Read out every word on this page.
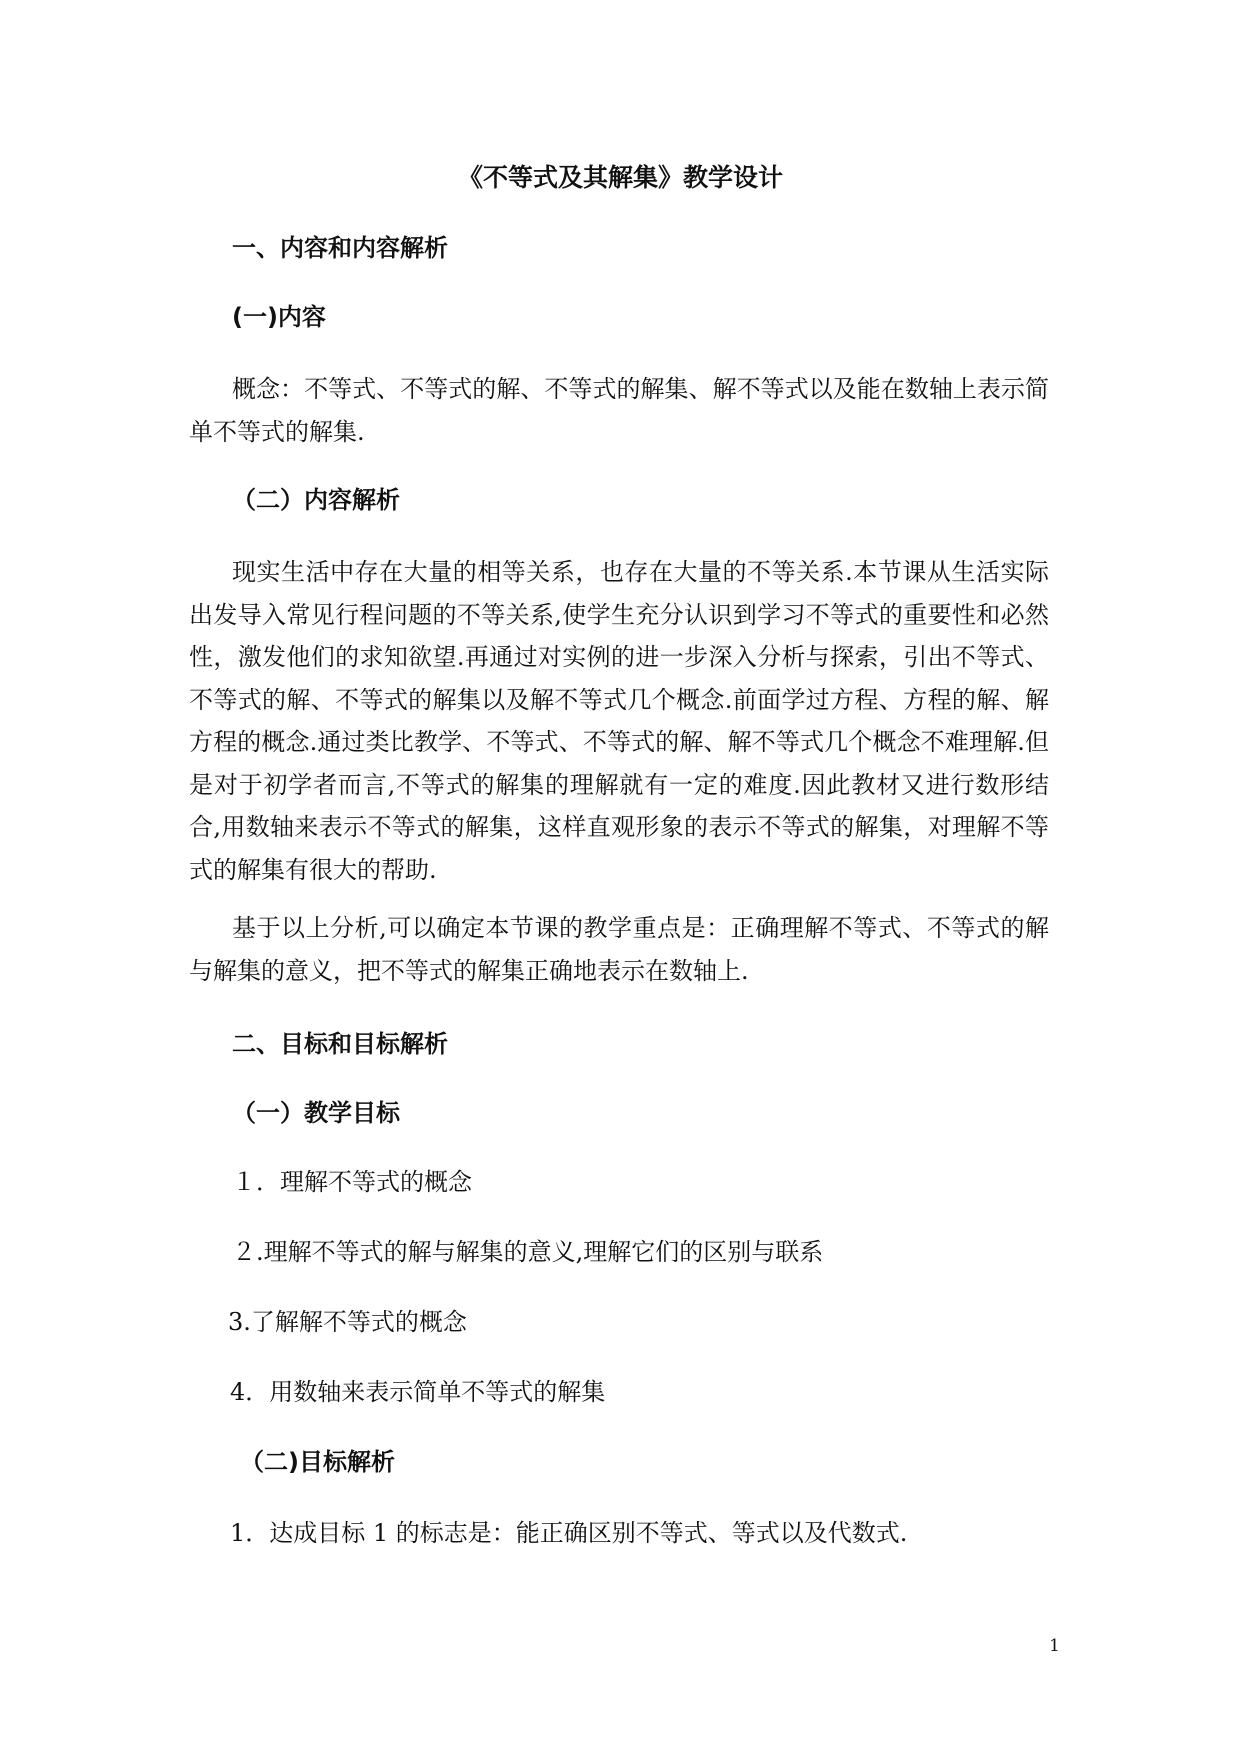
《不等式及其解集》教学设计
一、内容和内容解析
(一)内容
概念：不等式、不等式的解、不等式的解集、解不等式以及能在数轴上表示简单不等式的解集.
（二）内容解析
现实生活中存在大量的相等关系，也存在大量的不等关系.本节课从生活实际出发导入常见行程问题的不等关系,使学生充分认识到学习不等式的重要性和必然性，激发他们的求知欲望.再通过对实例的进一步深入分析与探索，引出不等式、不等式的解、不等式的解集以及解不等式几个概念.前面学过方程、方程的解、解方程的概念.通过类比教学、不等式、不等式的解、解不等式几个概念不难理解.但是对于初学者而言,不等式的解集的理解就有一定的难度.因此教材又进行数形结合,用数轴来表示不等式的解集，这样直观形象的表示不等式的解集，对理解不等式的解集有很大的帮助.
基于以上分析,可以确定本节课的教学重点是：正确理解不等式、不等式的解与解集的意义，把不等式的解集正确地表示在数轴上.
二、目标和目标解析
（一）教学目标
１．理解不等式的概念
２.理解不等式的解与解集的意义,理解它们的区别与联系
3.了解解不等式的概念
4．用数轴来表示简单不等式的解集
（二)目标解析
1．达成目标 1 的标志是：能正确区别不等式、等式以及代数式.
1
